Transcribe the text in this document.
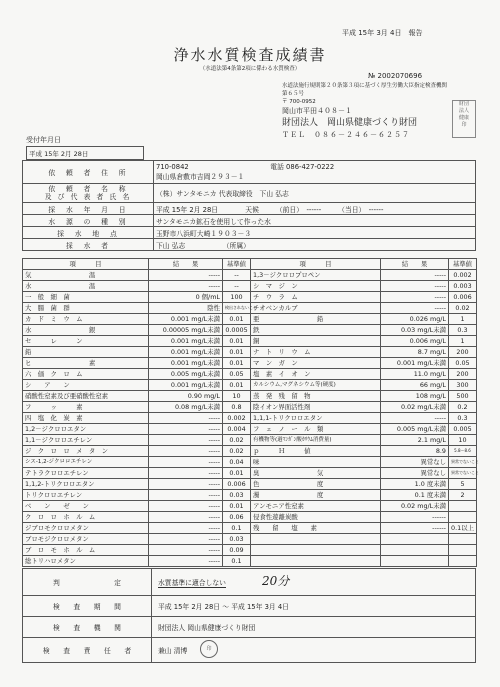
平成 15年 3月 4日　報告
浄水水質検査成績書
（水道法第4条第2項に係わる水質検査）
№ 2002070696
水道法施行規則第２０条第３項に基づく厚生労働大臣指定検査機関第６５号
〒 700-0952
岡山市平田４０８－１
財団法人　岡山県健康づくり財団
ＴＥＬ　０８６－２４６－６２５７
財団
法人
健康
印
受付年月日
平成 15年 2月 28日
依　頼　者　住　所	710-0842　　　　　　　　　　　　電話 086-427-0222
岡山県倉敷市吉岡２９３－１

依　頼　者　名　称
及 び 代 表 者 氏 名	（株）サンタモニカ 代表取締役　下山 弘志
採　水　年　月　日	平成 15年 2月 28日　　　　天候　　　（前日）　------　　　（当日）　------
水　源　の　種　別	サンタモニカ鉱石を使用して作った水
採　水　地　点	玉野市八浜町大崎１９０３－３
採　水　者	下山 弘志　　　　　　（所属）
項　　　目	結　　果	基準値	項　　　目	結　　果	基準値
気　　　　　　　　　温	-----	--	1,3－ジクロロプロペン	-----	0.002
水　　　　　　　　　温	-----	--	シ　マ　ジ　ン	-----	0.003
一　般　細　菌	0 個/mL	100	チ　ウ　ラ　ム	-----	0.006
大　腸　菌　群	陰性	検出されないこと	チオベンカルブ	-----	0.02
カ　ド　ミ　ウ　ム	0.001 mg/L未満	0.01	亜　　　　　　　　　鉛	0.026 mg/L	1
水　　　　　　　　　銀	0.00005 mg/L未満	0.0005	鉄	0.03 mg/L未満	0.3
セ　　　レ　　　ン	0.001 mg/L未満	0.01	銅	0.006 mg/L	1
鉛	0.001 mg/L未満	0.01	ナ　ト　リ　ウ　ム	8.7 mg/L	200
ヒ　　　　　　　　　素	0.001 mg/L未満	0.01	マ　ン　ガ　ン	0.001 mg/L未満	0.05
六　価　ク　ロ　ム	0.005 mg/L未満	0.05	塩　素　イ　オ　ン	11.0 mg/L	200
シ　　ア　　ン	0.001 mg/L未満	0.01	カルシウム,マグネシウム等(硬度)	66 mg/L	300
硝酸性窒素及び亜硝酸性窒素	0.90 mg/L	10	蒸　発　残　留　物	108 mg/L	500
フ　　　ッ　　　素	0.08 mg/L未満	0.8	陰イオン界面活性剤	0.02 mg/L未満	0.2
四　塩　化　炭　素	-----	0.002	1,1,1-トリクロロエタン	-----	0.3
1,2－ジクロロエタン	-----	0.004	フ　ェ　ノ　ー　ル　類	0.005 mg/L未満	0.005
1,1－ジクロロエチレン	-----	0.02	有機物等(過ﾏﾝｶﾞﾝ酸ｶﾘｳﾑ消費量)	2.1 mg/L	10
ジ　ク　ロ　ロ　メ　タ　ン	-----	0.02	ｐ　　　Ｈ　　　値	8.9	5.8～8.6
シス-1,2-ジクロロエチレン	-----	0.04	味	異常なし	異常でないこと
テトラクロロエチレン	-----	0.01	臭　　　　　　　　　気	異常なし	異常でないこと
1,1,2-トリクロロエタン	-----	0.006	色　　　　　　　　　度	1.0 度未満	5
トリクロロエチレン	-----	0.03	濁　　　　　　　　　度	0.1 度未満	2
ベ　　ン　　ゼ　　ン	-----	0.01	アンモニア性窒素	0.02 mg/L未満	
ク　ロ　ロ　ホ　ル　ム	-----	0.06	侵食性遊離炭酸	------	
ジブロモクロロメタン	-----	0.1	残　　留　　塩　　素	------	0.1以上
ブロモジクロロメタン	-----	0.03			
ブ　ロ　モ　ホ　ル　ム	-----	0.09			
総トリハロメタン	-----	0.1			
判　　　　　　　　定	水質基準に適合しない 20分

検　　査　　期　　間	平成 15年 2月 28日 〜 平成 15年 3月 4日
検　　査　　機　　関	財団法人 岡山県健康づくり財団
検　　査　　責　　任　　者	兼山 清博 印
